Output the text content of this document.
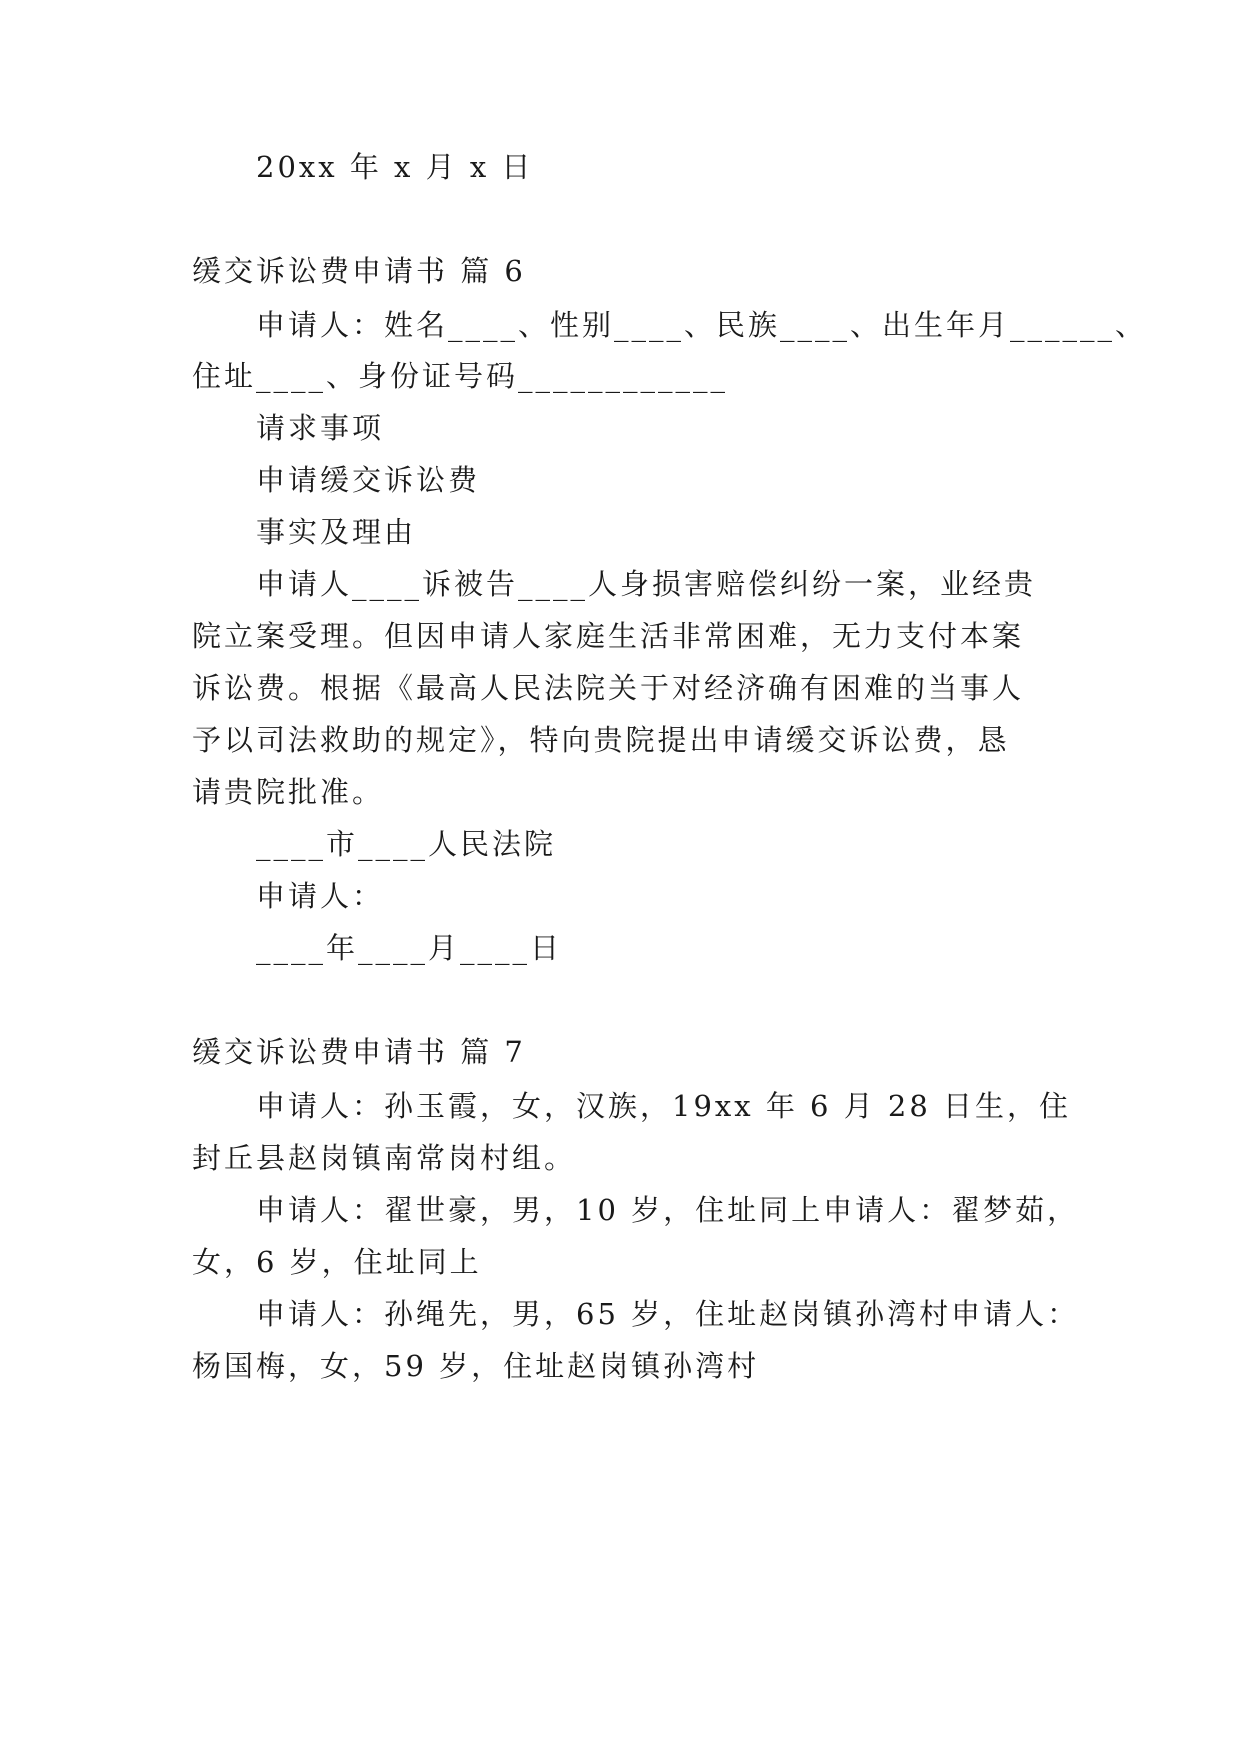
20xx 年 x 月 x 日
缓交诉讼费申请书 篇 6
申请人：姓名____、性别____、民族____、出生年月______、
住址____、身份证号码____________
请求事项
申请缓交诉讼费
事实及理由
申请人____诉被告____人身损害赔偿纠纷一案，业经贵
院立案受理。但因申请人家庭生活非常困难，无力支付本案
诉讼费。根据《最高人民法院关于对经济确有困难的当事人
予以司法救助的规定》，特向贵院提出申请缓交诉讼费，恳
请贵院批准。
____市____人民法院
申请人：
____年____月____日
缓交诉讼费申请书 篇 7
申请人：孙玉霞，女，汉族，19xx 年 6 月 28 日生，住
封丘县赵岗镇南常岗村组。
申请人：翟世豪，男，10 岁，住址同上申请人：翟梦茹，
女，6 岁，住址同上
申请人：孙绳先，男，65 岁，住址赵岗镇孙湾村申请人：
杨国梅，女，59 岁，住址赵岗镇孙湾村
